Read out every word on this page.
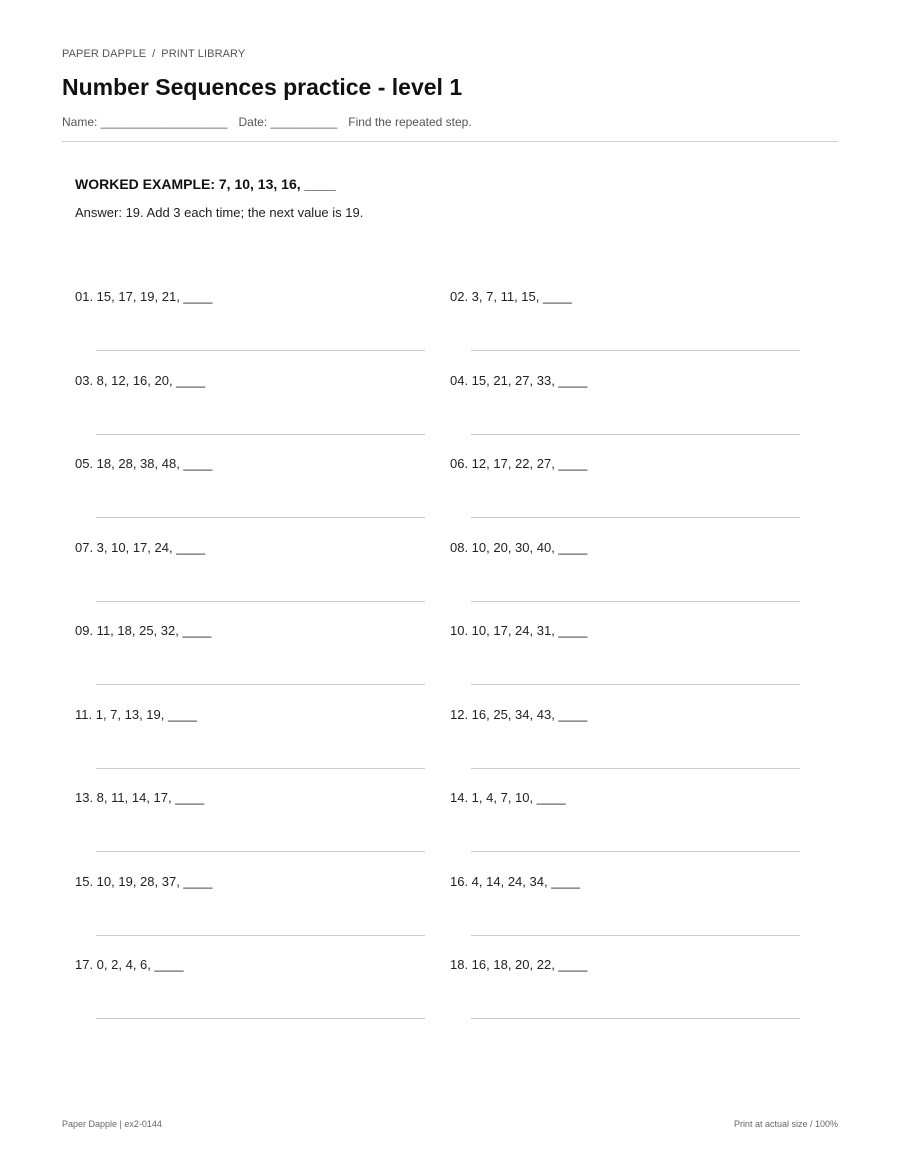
PAPER DAPPLE / PRINT LIBRARY
Number Sequences practice - level 1
Name: ___________________ Date: __________ Find the repeated step.
WORKED EXAMPLE: 7, 10, 13, 16, ____
Answer: 19. Add 3 each time; the next value is 19.
01. 15, 17, 19, 21, ____	02. 3, 7, 11, 15, ____
03. 8, 12, 16, 20, ____	04. 15, 21, 27, 33, ____
05. 18, 28, 38, 48, ____	06. 12, 17, 22, 27, ____
07. 3, 10, 17, 24, ____	08. 10, 20, 30, 40, ____
09. 11, 18, 25, 32, ____	10. 10, 17, 24, 31, ____
11. 1, 7, 13, 19, ____	12. 16, 25, 34, 43, ____
13. 8, 11, 14, 17, ____	14. 1, 4, 7, 10, ____
15. 10, 19, 28, 37, ____	16. 4, 14, 24, 34, ____
17. 0, 2, 4, 6, ____	18. 16, 18, 20, 22, ____
Paper Dapple | ex2-0144	Print at actual size / 100%
